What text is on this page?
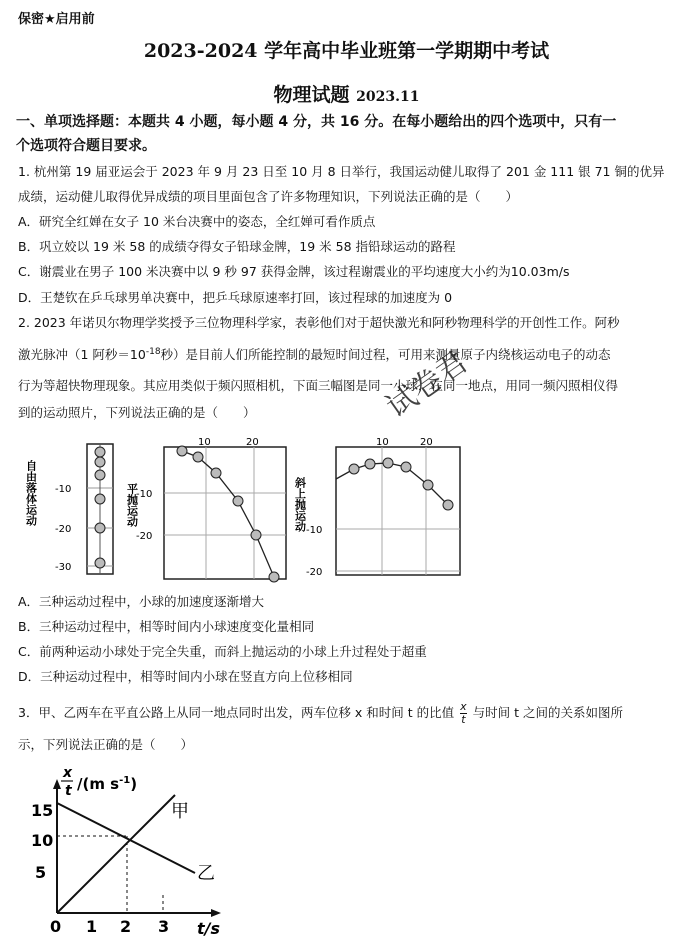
保密★启用前
2023-2024 学年高中毕业班第一学期期中考试
物理试题 2023.11
一、单项选择题：本题共 4 小题，每小题 4 分，共 16 分。在每小题给出的四个选项中，只有一
个选项符合题目要求。
1. 杭州第 19 届亚运会于 2023 年 9 月 23 日至 10 月 8 日举行，我国运动健儿取得了 201 金 111 银 71 铜的优异
成绩，运动健儿取得优异成绩的项目里面包含了许多物理知识，下列说法正确的是（　　）
A．研究全红婵在女子 10 米台决赛中的姿态，全红婵可看作质点
B．巩立姣以 19 米 58 的成绩夺得女子铅球金牌，19 米 58 指铅球运动的路程
C．谢震业在男子 100 米决赛中以 9 秒 97 获得金牌，该过程谢震业的平均速度大小约为10.03m/s
D．王楚钦在乒乓球男单决赛中，把乒乓球原速率打回，该过程球的加速度为 0
2. 2023 年诺贝尔物理学奖授予三位物理科学家，表彰他们对于超快激光和阿秒物理科学的开创性工作。阿秒
激光脉冲（1 阿秒$=10^{-18}$秒）是目前人们所能控制的最短时间过程，可用来测量原子内绕核运动电子的动态
行为等超快物理现象。其应用类似于频闪照相机，下面三幅图是同一小球，在同一地点，用同一频闪照相仪得
到的运动照片，下列说法正确的是（　　）	试卷君
自由落体运动 -10
-20
-30
平抛运动
10	20
-10
-20
斜上抛运动
10	20
-10
-20
A．三种运动过程中，小球的加速度逐渐增大
B．三种运动过程中，相等时间内小球速度变化量相同
C．前两种运动小球处于完全失重，而斜上抛运动的小球上升过程处于超重
D．三种运动过程中，相等时间内小球在竖直方向上位移相同
3．甲、乙两车在平直公路上从同一地点同时出发，两车位移 x 和时间 t 的比值 $\frac{x}{t}$ 与时间 t 之间的关系如图所
示，下列说法正确的是（　　）
x
t /(m $s^{-1}$)
15
10
5
0 1 2 3 t/s
甲
乙
